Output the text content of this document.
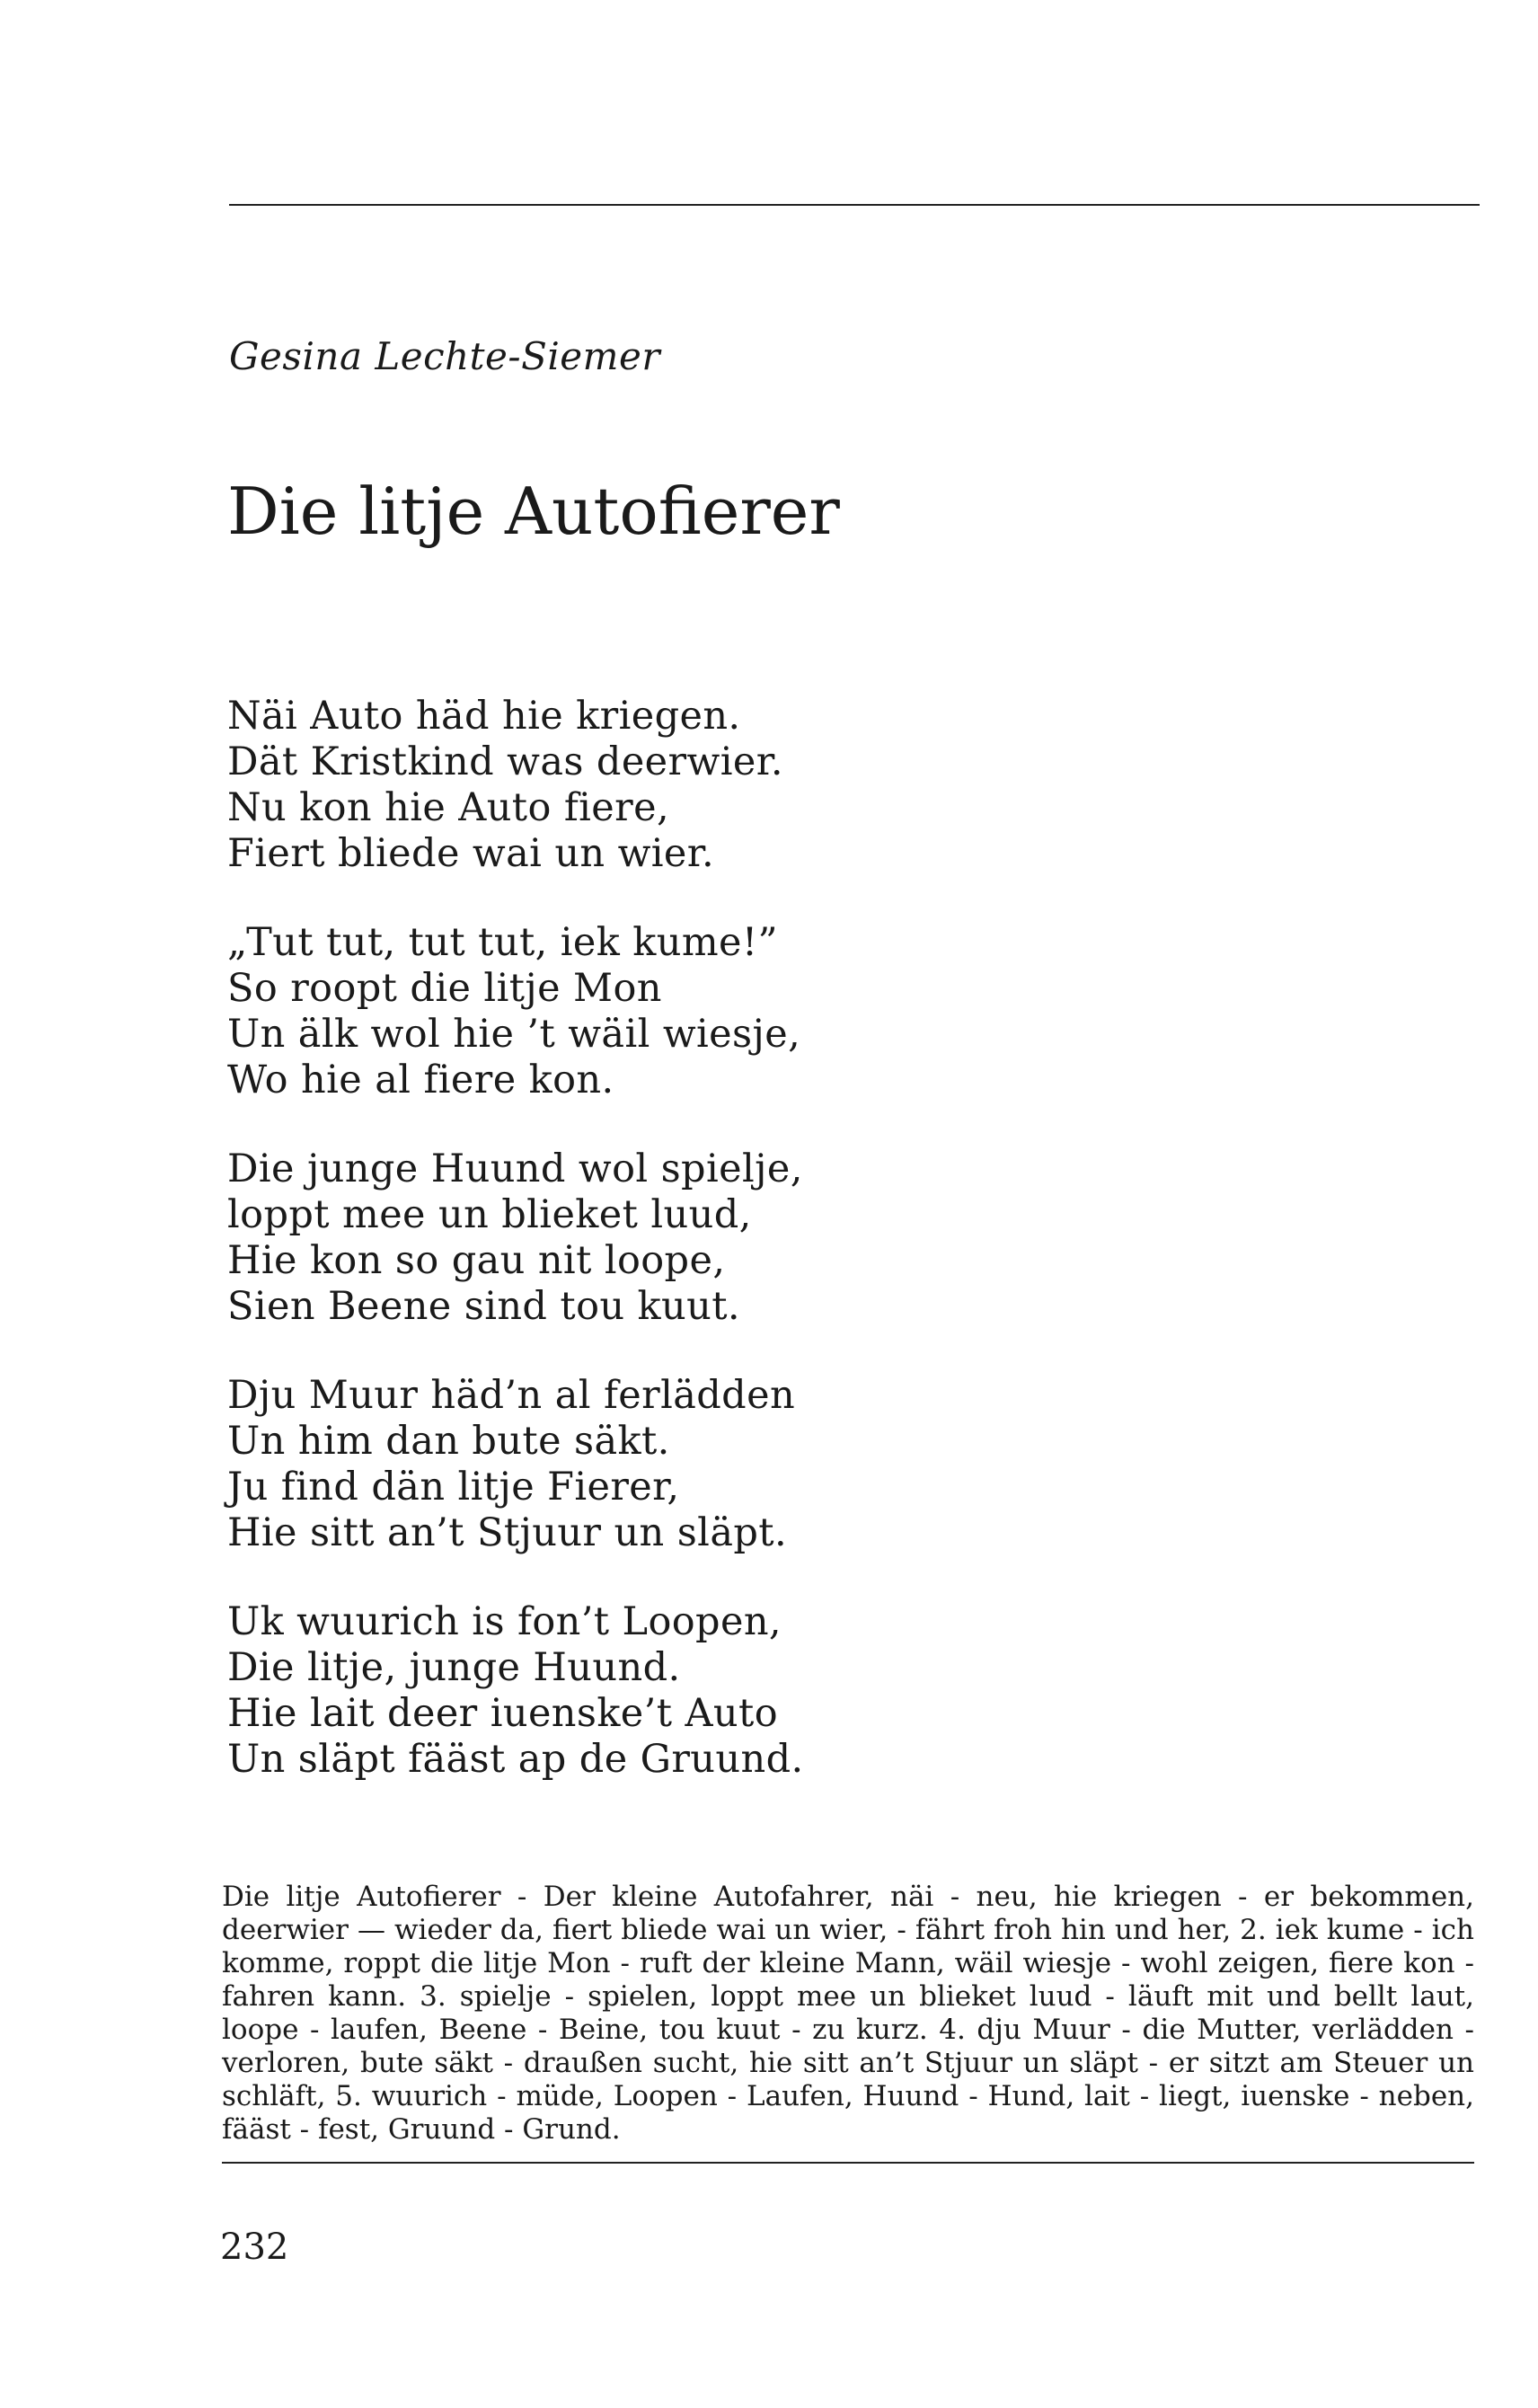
Gesina Lechte-Siemer
Die litje Autofierer
Näi Auto häd hie kriegen.
Dät Kristkind was deerwier.
Nu kon hie Auto fiere,
Fiert bliede wai un wier.
„Tut tut, tut tut, iek kume!”
So roopt die litje Mon
Un älk wol hie ’t wäil wiesje,
Wo hie al fiere kon.
Die junge Huund wol spielje,
loppt mee un blieket luud,
Hie kon so gau nit loope,
Sien Beene sind tou kuut.
Dju Muur häd’n al ferlädden
Un him dan bute säkt.
Ju find dän litje Fierer,
Hie sitt an’t Stjuur un släpt.
Uk wuurich is fon’t Loopen,
Die litje, junge Huund.
Hie lait deer iuenske’t Auto
Un släpt fääst ap de Gruund.

Die litje Autofierer - Der kleine Autofahrer, näi - neu, hie kriegen - er bekommen, deerwier — wieder da, fiert bliede wai un wier, - fährt froh hin und her, 2. iek kume - ich komme, roppt die litje Mon - ruft der kleine Mann, wäil wiesje - wohl zeigen, fiere kon - fahren kann. 3. spielje - spielen, loppt mee un blieket luud - läuft mit und bellt laut, loope - laufen, Beene - Beine, tou kuut - zu kurz. 4. dju Muur - die Mutter, verlädden - verloren, bute säkt - draußen sucht, hie sitt an’t Stjuur un släpt - er sitzt am Steuer un schläft, 5. wuurich - müde, Loopen - Laufen, Huund - Hund, lait - liegt, iuenske - neben, fääst - fest, Gruund - Grund.

232
